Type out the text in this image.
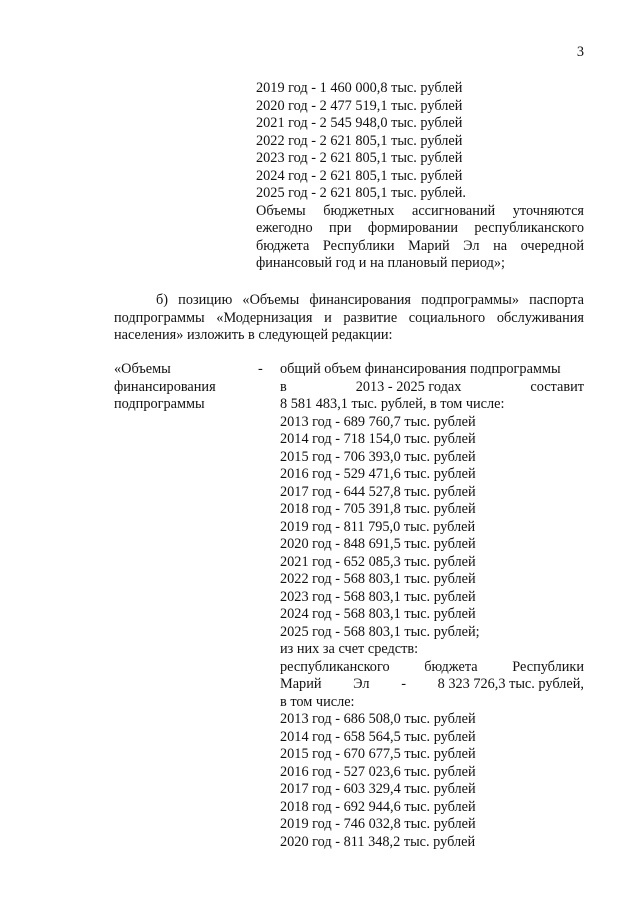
3
2019 год - 1 460 000,8 тыс. рублей
2020 год - 2 477 519,1 тыс. рублей
2021 год - 2 545 948,0 тыс. рублей
2022 год - 2 621 805,1 тыс. рублей
2023 год - 2 621 805,1 тыс. рублей
2024 год - 2 621 805,1 тыс. рублей
2025 год - 2 621 805,1 тыс. рублей.
Объемы бюджетных ассигнований уточняются ежегодно при формировании республиканского бюджета Республики Марий Эл на очередной финансовый год и на плановый период»;
б) позицию «Объемы финансирования подпрограммы» паспорта подпрограммы «Модернизация и развитие социального обслуживания населения» изложить в следующей редакции:
«Объемы
финансирования
подпрограммы
- общий объем финансирования подпрограммы
в	2013 - 2025 годах	составит
8 581 483,1 тыс. рублей, в том числе:
2013 год - 689 760,7 тыс. рублей
2014 год - 718 154,0 тыс. рублей
2015 год - 706 393,0 тыс. рублей
2016 год - 529 471,6 тыс. рублей
2017 год - 644 527,8 тыс. рублей
2018 год - 705 391,8 тыс. рублей
2019 год - 811 795,0 тыс. рублей
2020 год - 848 691,5 тыс. рублей
2021 год - 652 085,3 тыс. рублей
2022 год - 568 803,1 тыс. рублей
2023 год - 568 803,1 тыс. рублей
2024 год - 568 803,1 тыс. рублей
2025 год - 568 803,1 тыс. рублей;
из них за счет средств:
республиканского бюджета Республики
Марий Эл - 8 323 726,3 тыс. рублей,
в том числе:
2013 год - 686 508,0 тыс. рублей
2014 год - 658 564,5 тыс. рублей
2015 год - 670 677,5 тыс. рублей
2016 год - 527 023,6 тыс. рублей
2017 год - 603 329,4 тыс. рублей
2018 год - 692 944,6 тыс. рублей
2019 год - 746 032,8 тыс. рублей
2020 год - 811 348,2 тыс. рублей
